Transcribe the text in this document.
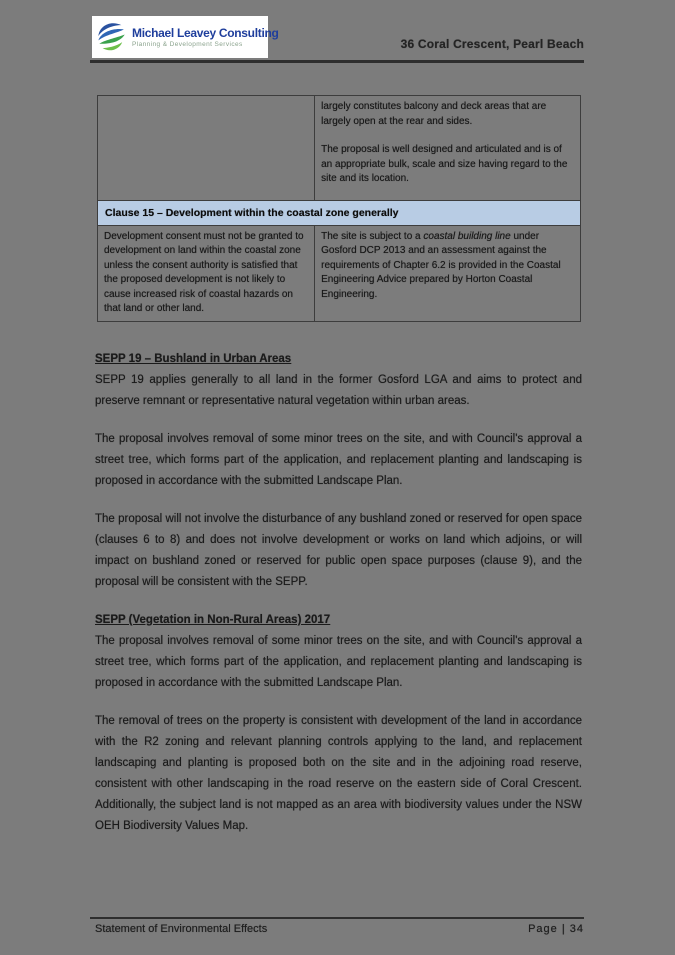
Michael Leavey Consulting
Planning & Development Services	36 Coral Crescent, Pearl Beach
largely constitutes balcony and deck areas that are largely open at the rear and sides.
The proposal is well designed and articulated and is of an appropriate bulk, scale and size having regard to the site and its location.
Clause 15 – Development within the coastal zone generally
Development consent must not be granted to development on land within the coastal zone unless the consent authority is satisfied that the proposed development is not likely to cause increased risk of coastal hazards on that land or other land.
The site is subject to a coastal building line under Gosford DCP 2013 and an assessment against the requirements of Chapter 6.2 is provided in the Coastal Engineering Advice prepared by Horton Coastal Engineering.
SEPP 19 – Bushland in Urban Areas

SEPP 19 applies generally to all land in the former Gosford LGA and aims to protect and preserve remnant or representative natural vegetation within urban areas.

The proposal involves removal of some minor trees on the site, and with Council's approval a street tree, which forms part of the application, and replacement planting and landscaping is proposed in accordance with the submitted Landscape Plan.

The proposal will not involve the disturbance of any bushland zoned or reserved for open space (clauses 6 to 8) and does not involve development or works on land which adjoins, or will impact on bushland zoned or reserved for public open space purposes (clause 9), and the proposal will be consistent with the SEPP.

SEPP (Vegetation in Non-Rural Areas) 2017

The proposal involves removal of some minor trees on the site, and with Council's approval a street tree, which forms part of the application, and replacement planting and landscaping is proposed in accordance with the submitted Landscape Plan.

The removal of trees on the property is consistent with development of the land in accordance with the R2 zoning and relevant planning controls applying to the land, and replacement landscaping and planting is proposed both on the site and in the adjoining road reserve, consistent with other landscaping in the road reserve on the eastern side of Coral Crescent. Additionally, the subject land is not mapped as an area with biodiversity values under the NSW OEH Biodiversity Values Map.

Statement of Environmental Effects	Page | 34
